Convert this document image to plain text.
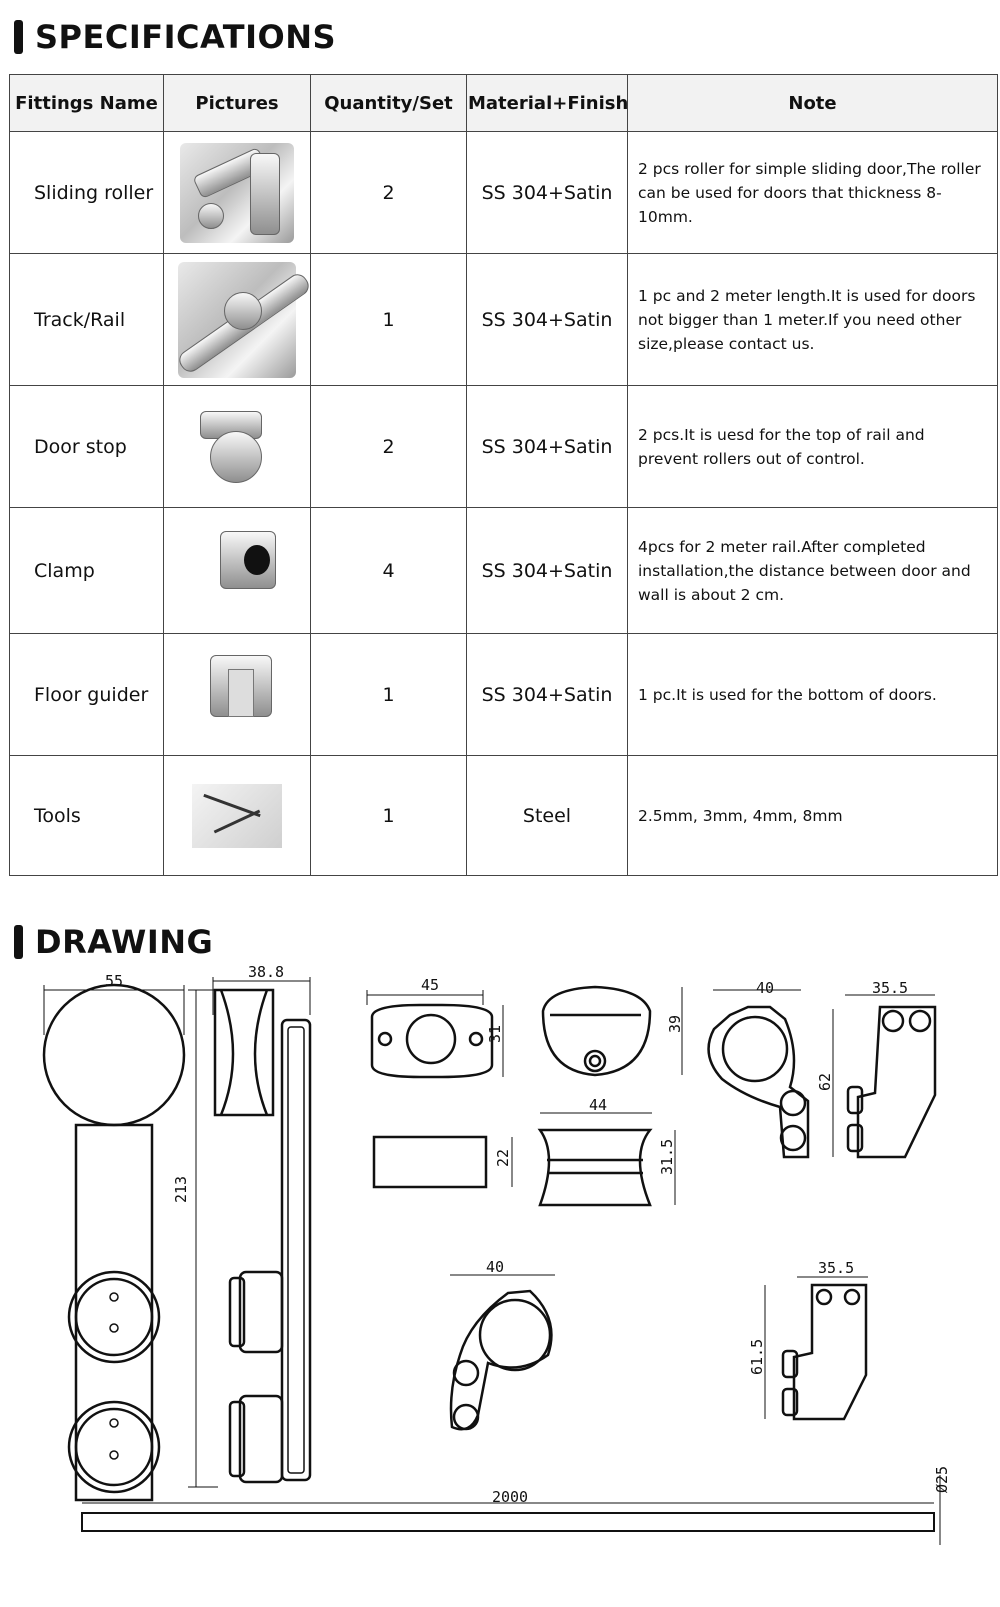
SPECIFICATIONS
Fittings Name	Pictures	Quantity/Set	Material+Finish	Note
Sliding roller		2	SS 304+Satin	2 pcs roller for simple sliding door,The roller can be used for doors that thickness 8-10mm.
Track/Rail		1	SS 304+Satin	1 pc and 2 meter length.It is used for doors not bigger than 1 meter.If you need other size,please contact us.
Door stop		2	SS 304+Satin	2 pcs.It is uesd for the top of rail and prevent rollers out of control.
Clamp		4	SS 304+Satin	4pcs for 2 meter rail.After completed installation,the distance between door and wall is about 2 cm.
Floor guider		1	SS 304+Satin	1 pc.It is used for the bottom of doors.
Tools		1	Steel	2.5mm, 3mm, 4mm, 8mm
DRAWING
55	38.8
213
45
31
39
40
62
35.5
22
44
31.5
40	35.5
61.5
2000
Ø25
